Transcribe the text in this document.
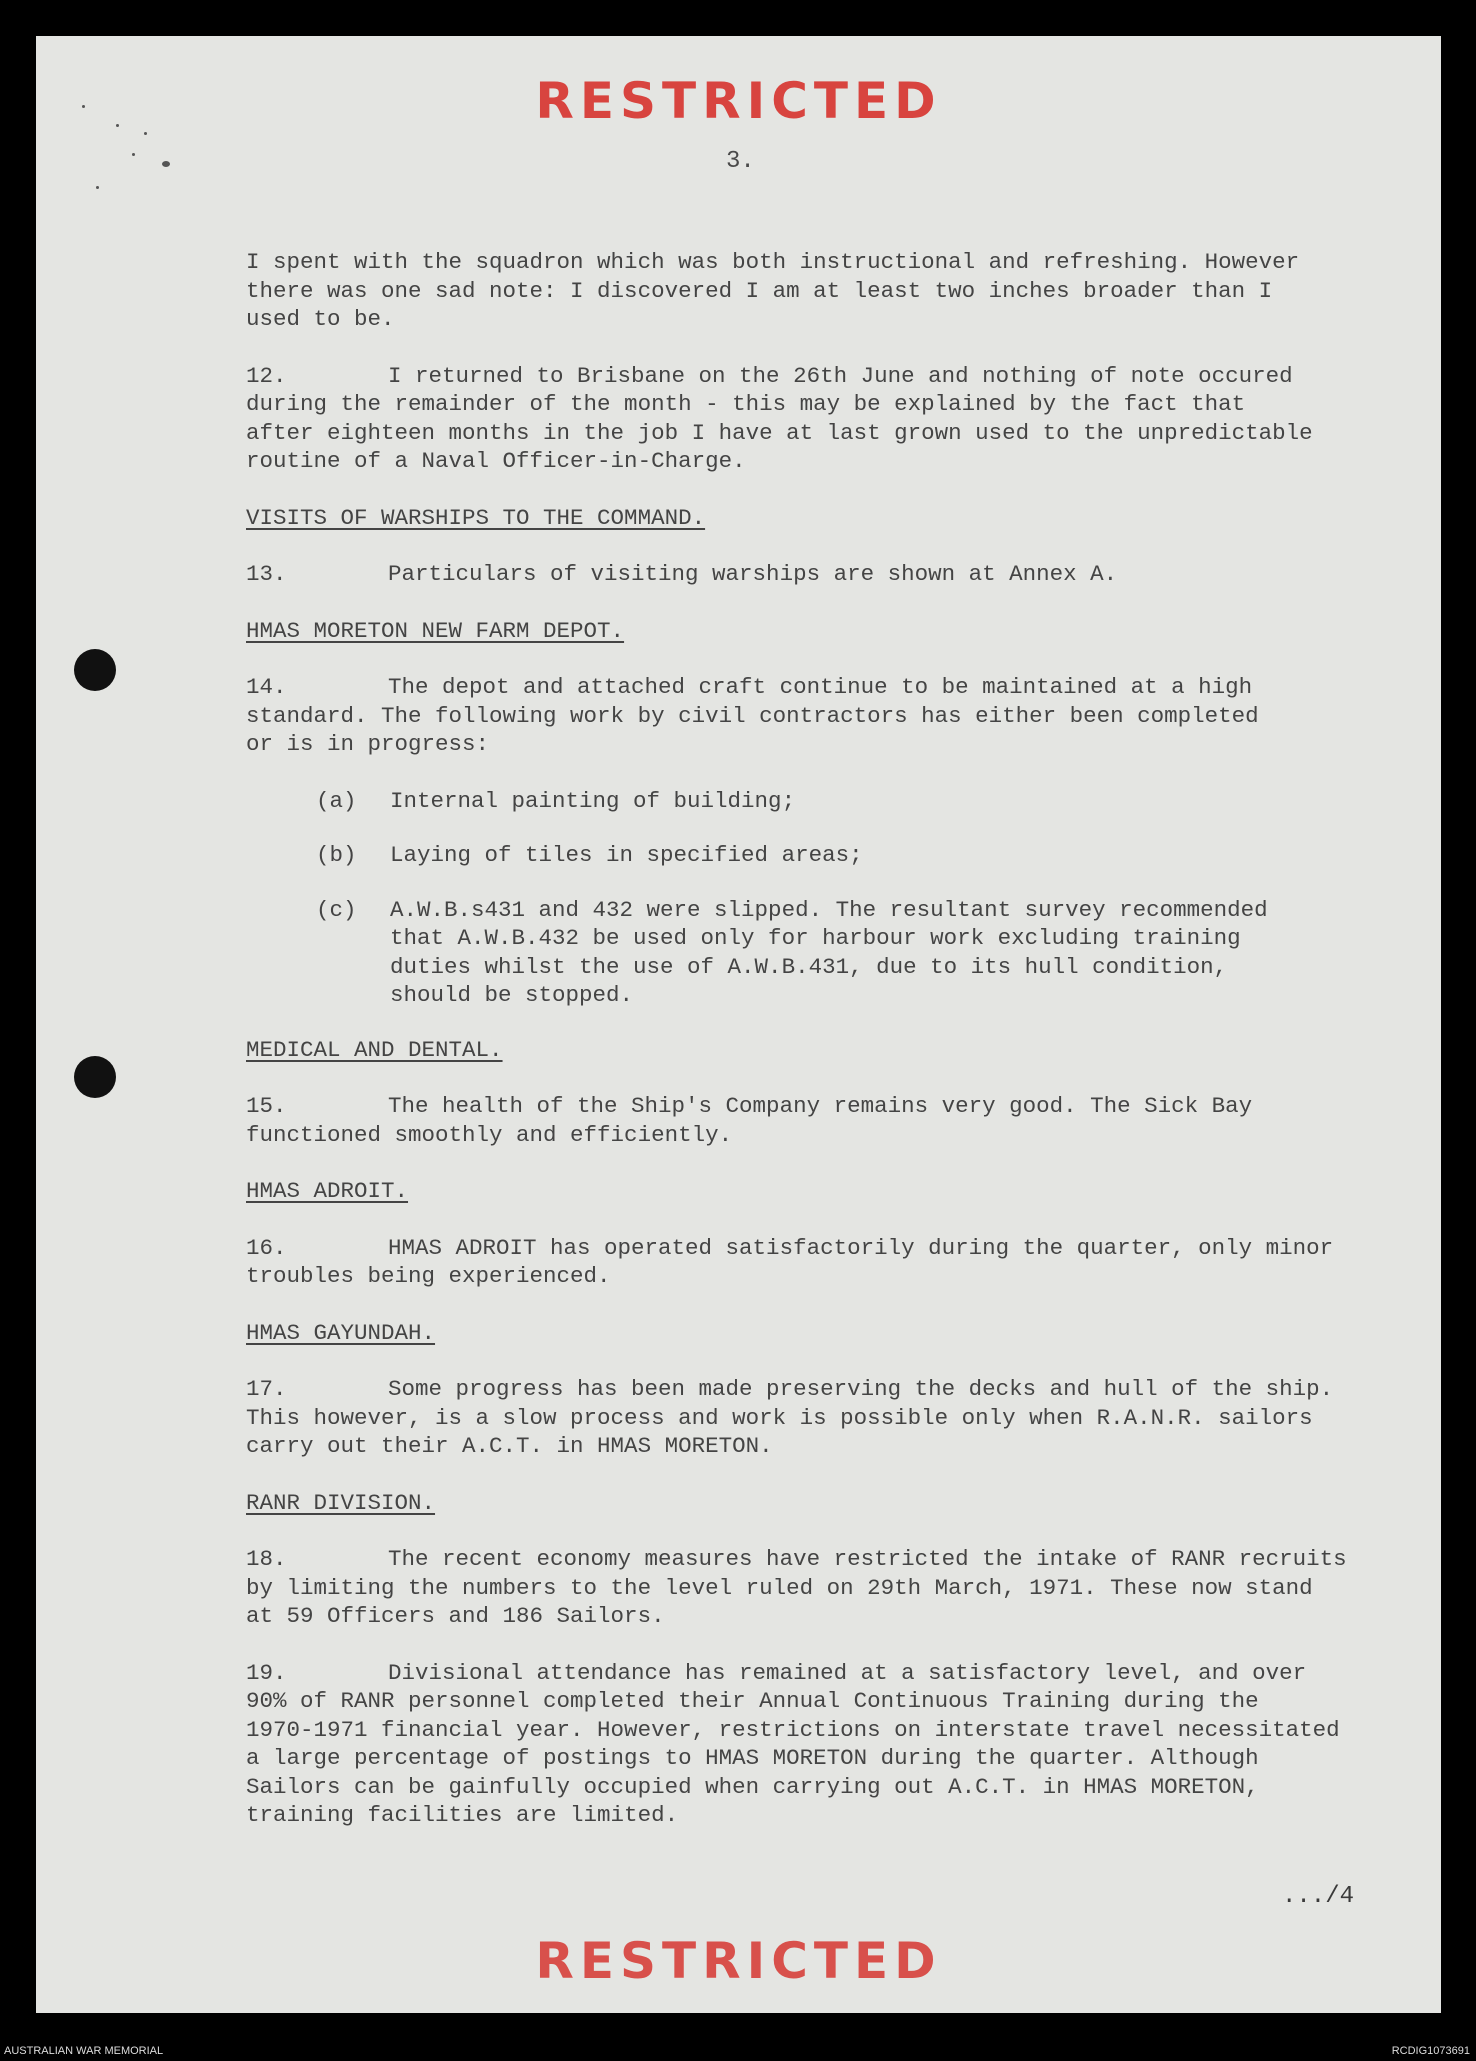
RESTRICTED
3.

I spent with the squadron which was both instructional and refreshing. However
there was one sad note: I discovered I am at least two inches broader than I
used to be.

12.	I returned to Brisbane on the 26th June and nothing of note occured
during the remainder of the month - this may be explained by the fact that
after eighteen months in the job I have at last grown used to the unpredictable
routine of a Naval Officer-in-Charge.

VISITS OF WARSHIPS TO THE COMMAND.

13.	Particulars of visiting warships are shown at Annex A.

HMAS MORETON NEW FARM DEPOT.

14.	The depot and attached craft continue to be maintained at a high
standard. The following work by civil contractors has either been completed
or is in progress:

(a)	Internal painting of building;
(b)	Laying of tiles in specified areas;
(c)	A.W.B.s431 and 432 were slipped. The resultant survey recommended
that A.W.B.432 be used only for harbour work excluding training
duties whilst the use of A.W.B.431, due to its hull condition,
should be stopped.
MEDICAL AND DENTAL.

15.	The health of the Ship's Company remains very good. The Sick Bay
functioned smoothly and efficiently.

HMAS ADROIT.

16.	HMAS ADROIT has operated satisfactorily during the quarter, only minor
troubles being experienced.

HMAS GAYUNDAH.

17.	Some progress has been made preserving the decks and hull of the ship.
This however, is a slow process and work is possible only when R.A.N.R. sailors
carry out their A.C.T. in HMAS MORETON.

RANR DIVISION.

18.	The recent economy measures have restricted the intake of RANR recruits
by limiting the numbers to the level ruled on 29th March, 1971. These now stand
at 59 Officers and 186 Sailors.

19.	Divisional attendance has remained at a satisfactory level, and over
90% of RANR personnel completed their Annual Continuous Training during the
1970-1971 financial year. However, restrictions on interstate travel necessitated
a large percentage of postings to HMAS MORETON during the quarter. Although
Sailors can be gainfully occupied when carrying out A.C.T. in HMAS MORETON,
training facilities are limited.

.../4
RESTRICTED
AUSTRALIAN WAR MEMORIAL	RCDIG1073691
